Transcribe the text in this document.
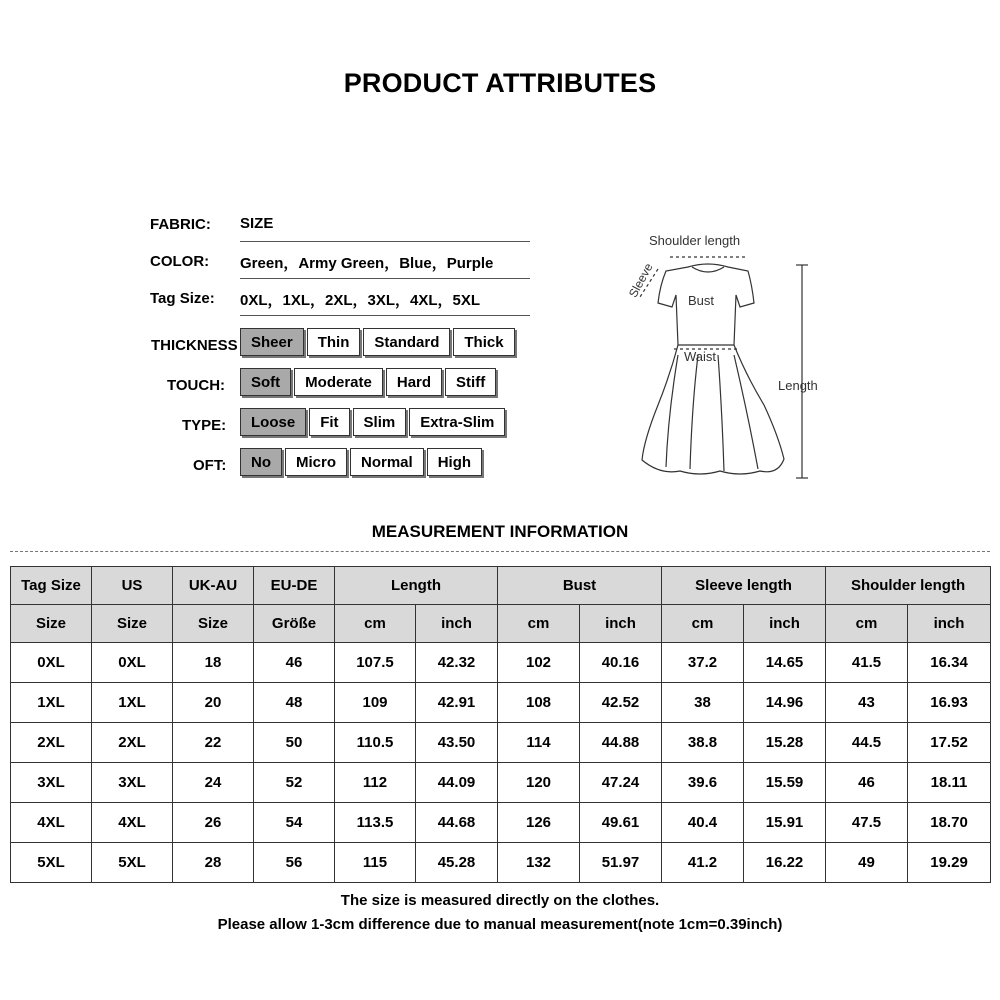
PRODUCT ATTRIBUTES
FABRIC: SIZE
COLOR: Green，Army Green，Blue，Purple
Tag Size: 0XL，1XL，2XL，3XL，4XL，5XL
THICKNESS Sheer	Thin	Standard	Thick
TOUCH:	Soft	Moderate	Hard	Stiff
TYPE:	Loose	Fit	Slim	Extra-Slim
OFT:	No	Micro	Normal	High
Shoulder length
Sleeve
Bust
Waist
Length
MEASUREMENT INFORMATION
Tag Size	US	UK-AU	EU-DE	Length		Bust		Sleeve length		Shoulder length	
Size	Size	Size	Größe	cm	inch	cm	inch	cm	inch	cm	inch
0XL	0XL	18	46	107.5	42.32	102	40.16	37.2	14.65	41.5	16.34
1XL	1XL	20	48	109	42.91	108	42.52	38	14.96	43	16.93
2XL	2XL	22	50	110.5	43.50	114	44.88	38.8	15.28	44.5	17.52
3XL	3XL	24	52	112	44.09	120	47.24	39.6	15.59	46	18.11
4XL	4XL	26	54	113.5	44.68	126	49.61	40.4	15.91	47.5	18.70
5XL	5XL	28	56	115	45.28	132	51.97	41.2	16.22	49	19.29
The size is measured directly on the clothes.
Please allow 1-3cm difference due to manual measurement(note 1cm=0.39inch)
